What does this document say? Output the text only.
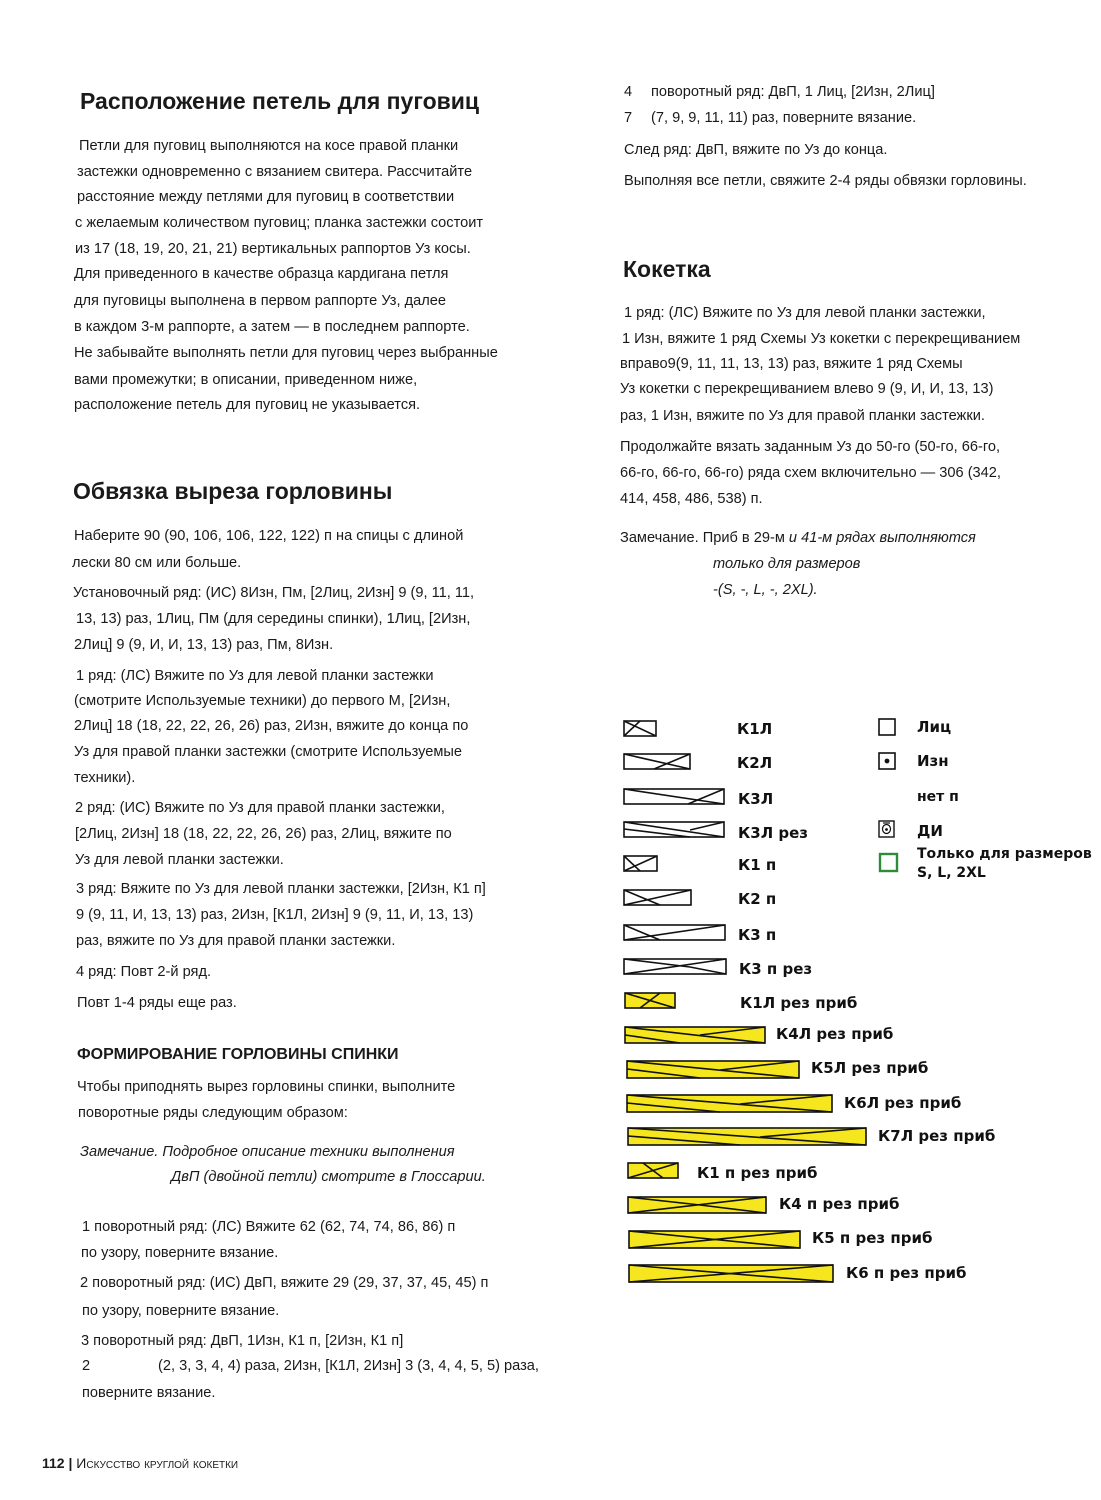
Расположение петель для пуговиц
Петли для пуговиц выполняются на косе правой планки
застежки одновременно с вязанием свитера. Рассчитайте
расстояние между петлями для пуговиц в соответствии
с желаемым количеством пуговиц; планка застежки состоит
из 17 (18, 19, 20, 21, 21) вертикальных раппортов Уз косы.
Для приведенного в качестве образца кардигана петля
для пуговицы выполнена в первом раппорте Уз, далее
в каждом 3-м раппорте, а затем — в последнем раппорте.
Не забывайте выполнять петли для пуговиц через выбранные
вами промежутки; в описании, приведенном ниже,
расположение петель для пуговиц не указывается.
Обвязка выреза горловины
Наберите 90 (90, 106, 106, 122, 122) п на спицы с длиной
лески 80 см или больше.
Установочный ряд: (ИС) 8Изн, Пм, [2Лиц, 2Изн] 9 (9, 11, 11,
13, 13) раз, 1Лиц, Пм (для середины спинки), 1Лиц, [2Изн,
2Лиц] 9 (9, И, И, 13, 13) раз, Пм, 8Изн.
1 ряд: (ЛС) Вяжите по Уз для левой планки застежки
(смотрите Используемые техники) до первого М, [2Изн,
2Лиц] 18 (18, 22, 22, 26, 26) раз, 2Изн, вяжите до конца по
Уз для правой планки застежки (смотрите Используемые
техники).
2 ряд: (ИС) Вяжите по Уз для правой планки застежки,
[2Лиц, 2Изн] 18 (18, 22, 22, 26, 26) раз, 2Лиц, вяжите по
Уз для левой планки застежки.
3 ряд: Вяжите по Уз для левой планки застежки, [2Изн, К1 п]
9 (9, 11, И, 13, 13) раз, 2Изн, [К1Л, 2Изн] 9 (9, 11, И, 13, 13)
раз, вяжите по Уз для правой планки застежки.
4 ряд: Повт 2-й ряд.
Повт 1-4 ряды еще раз.
ФОРМИРОВАНИЕ ГОРЛОВИНЫ СПИНКИ
Чтобы приподнять вырез горловины спинки, выполните
поворотные ряды следующим образом:
Замечание. Подробное описание техники выполнения
ДвП (двойной петли) смотрите в Глоссарии.
1 поворотный ряд: (ЛС) Вяжите 62 (62, 74, 74, 86, 86) п
по узору, поверните вязание.
2 поворотный ряд: (ИС) ДвП, вяжите 29 (29, 37, 37, 45, 45) п
по узору, поверните вязание.
3 поворотный ряд: ДвП, 1Изн, К1 п, [2Изн, К1 п]
2	(2, 3, 3, 4, 4) раза, 2Изн, [К1Л, 2Изн] 3 (3, 4, 4, 5, 5) раза,
поверните вязание.
4 поворотный ряд: ДвП, 1 Лиц, [2Изн, 2Лиц]
7 (7, 9, 9, 11, 11) раз, поверните вязание.
След ряд: ДвП, вяжите по Уз до конца.
Выполняя все петли, свяжите 2-4 ряды обвязки горловины.
Кокетка
1 ряд: (ЛС) Вяжите по Уз для левой планки застежки,
1 Изн, вяжите 1 ряд Схемы Уз кокетки с перекрещиванием
вправо9(9, 11, 11, 13, 13) раз, вяжите 1 ряд Схемы
Уз кокетки с перекрещиванием влево 9 (9, И, И, 13, 13)
раз, 1 Изн, вяжите по Уз для правой планки застежки.
Продолжайте вязать заданным Уз до 50-го (50-го, 66-го,
66-го, 66-го, 66-го) ряда схем включительно — 306 (342,
414, 458, 486, 538) п.
Замечание. Приб в 29-м и 41-м рядах выполняются
только для размеров
-(S, -, L, -, 2XL).
К1Л
К2Л
К3Л
К3Л рез
К1 п
К2 п
К3 п
К3 п рез
К1Л рез приб
К4Л рез приб
К5Л рез приб
К6Л рез приб
К7Л рез приб
К1 п рез приб
К4 п рез приб
К5 п рез приб
К6 п рез приб
Лиц
Изн
нет п
ДИ
Только для размеров
S, L, 2XL
112 | Искусство круглой кокетки
